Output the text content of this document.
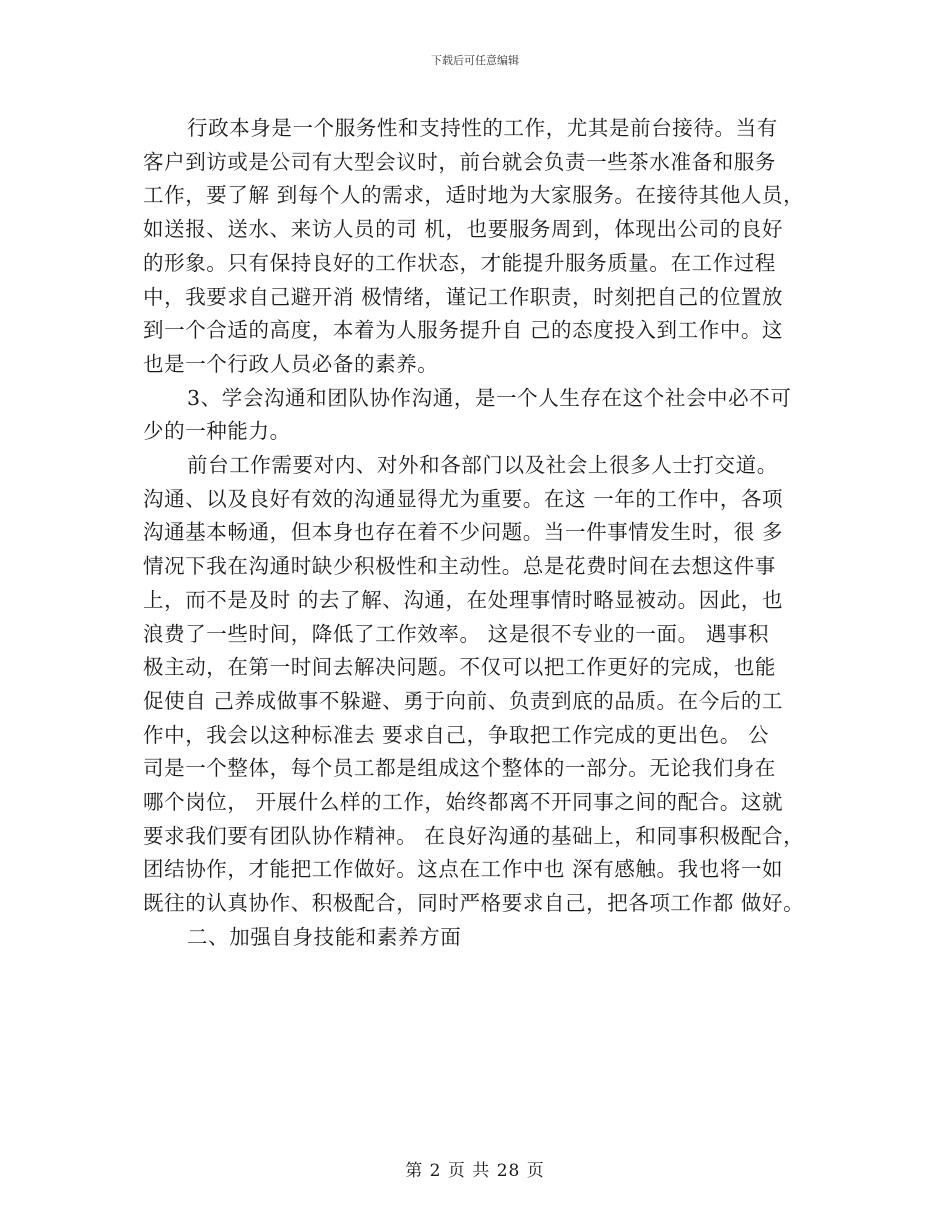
下载后可任意编辑
行政本身是一个服务性和支持性的工作，尤其是前台接待。当有
客户到访或是公司有大型会议时，前台就会负责一些茶水准备和服务
工作，要了解 到每个人的需求，适时地为大家服务。在接待其他人员，
如送报、送水、来访人员的司 机，也要服务周到，体现出公司的良好
的形象。只有保持良好的工作状态，才能提升服务质量。在工作过程
中，我要求自己避开消 极情绪，谨记工作职责，时刻把自己的位置放
到一个合适的高度，本着为人服务提升自 己的态度投入到工作中。这
也是一个行政人员必备的素养。
3、学会沟通和团队协作沟通，是一个人生存在这个社会中必不可
少的一种能力。
前台工作需要对内、对外和各部门以及社会上很多人士打交道。
沟通、以及良好有效的沟通显得尤为重要。在这 一年的工作中，各项
沟通基本畅通，但本身也存在着不少问题。当一件事情发生时，很 多
情况下我在沟通时缺少积极性和主动性。总是花费时间在去想这件事
上，而不是及时 的去了解、沟通，在处理事情时略显被动。因此，也
浪费了一些时间，降低了工作效率。 这是很不专业的一面。 遇事积
极主动，在第一时间去解决问题。不仅可以把工作更好的完成，也能
促使自 己养成做事不躲避、勇于向前、负责到底的品质。在今后的工
作中，我会以这种标准去 要求自己，争取把工作完成的更出色。 公
司是一个整体，每个员工都是组成这个整体的一部分。无论我们身在
哪个岗位， 开展什么样的工作，始终都离不开同事之间的配合。这就
要求我们要有团队协作精神。 在良好沟通的基础上，和同事积极配合，
团结协作，才能把工作做好。这点在工作中也 深有感触。我也将一如
既往的认真协作、积极配合，同时严格要求自己，把各项工作都 做好。
二、加强自身技能和素养方面
第 2 页 共 28 页
